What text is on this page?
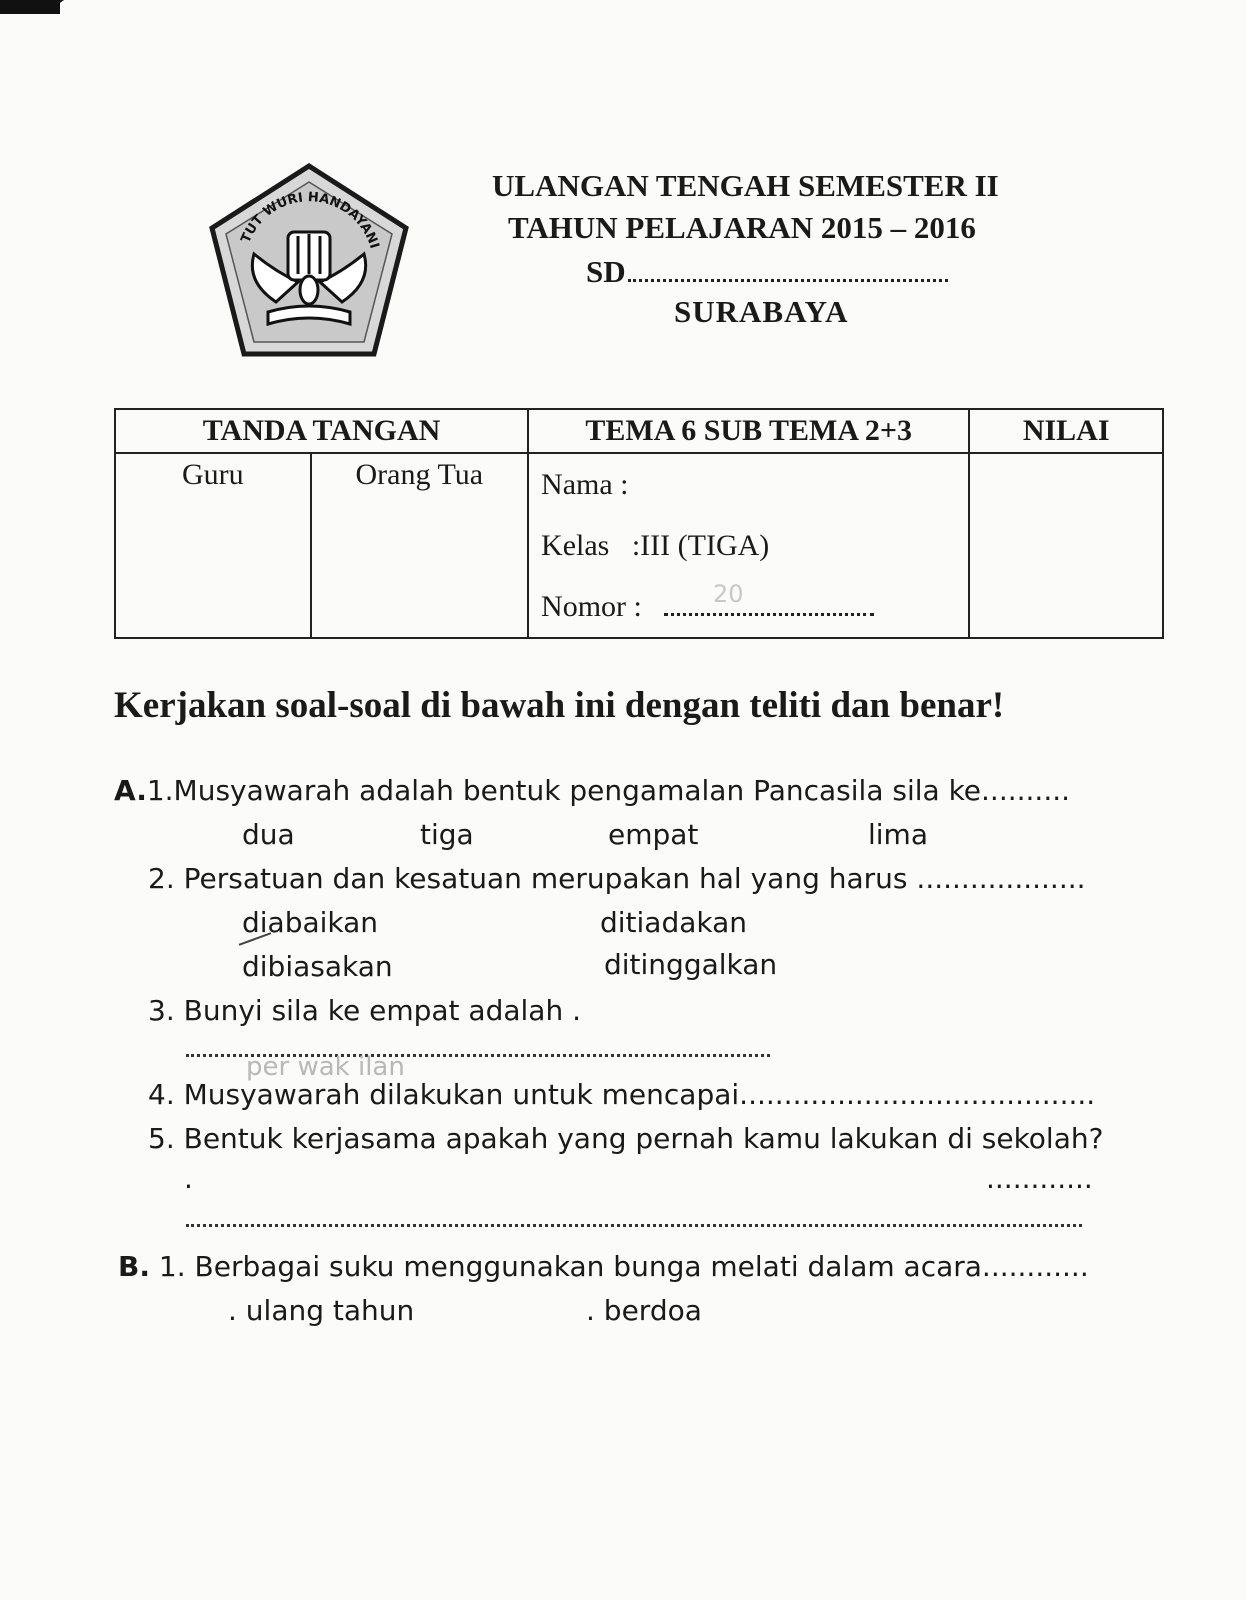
TUT WURI HANDAYANI
ULANGAN TENGAH SEMESTER II
TAHUN PELAJARAN 2015 – 2016
SD
SURABAYA
TANDA TANGAN		TEMA 6 SUB TEMA 2+3	NILAI
Guru	Orang Tua	Nama :
Kelas :III (TIGA)
Nomor : 20	

Kerjakan soal-soal di bawah ini dengan teliti dan benar!
A.1.Musyawarah adalah bentuk pengamalan Pancasila sila ke..........
dua	tiga	empat	lima
2. Persatuan dan kesatuan merupakan hal yang harus ...................
diabaikan	ditiadakan
dibiasakan	ditinggalkan
3. Bunyi sila ke empat adalah .
per wak ilan
4. Musyawarah dilakukan untuk mencapai........................................
5. Bentuk kerjasama apakah yang pernah kamu lakukan di sekolah?
.	............
B. 1. Berbagai suku menggunakan bunga melati dalam acara............
. ulang tahun	. berdoa
